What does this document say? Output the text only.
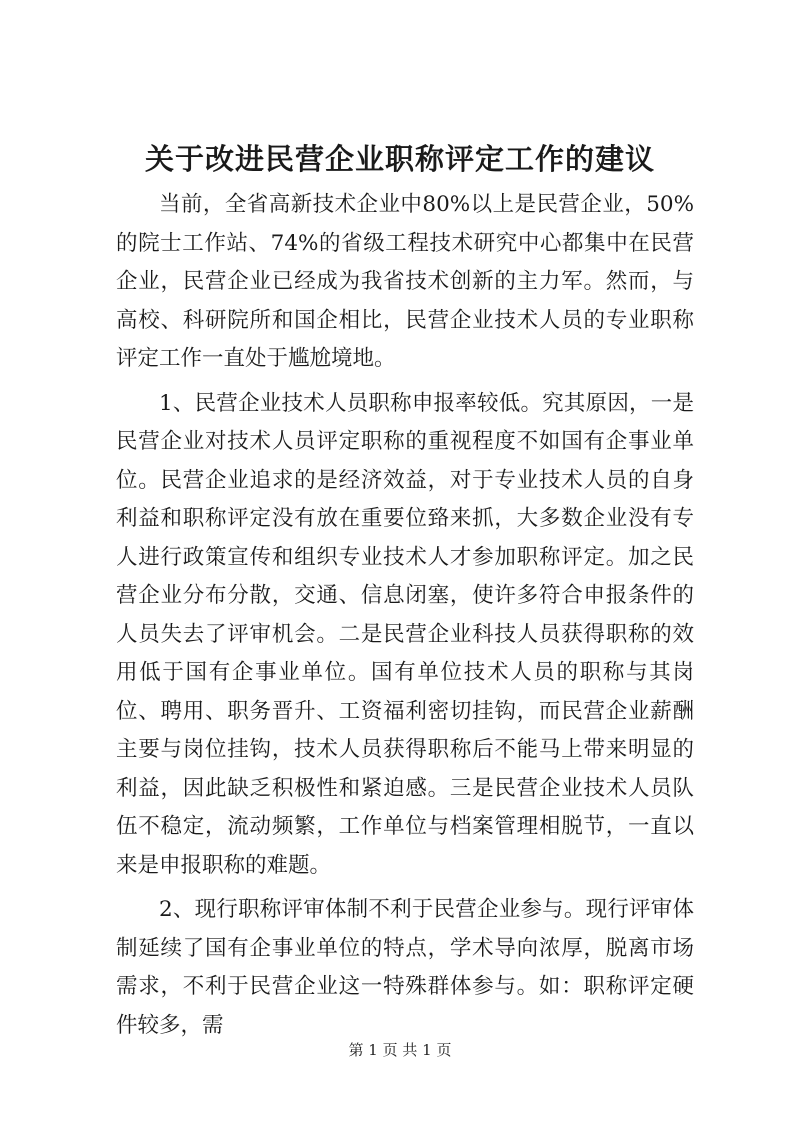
关于改进民营企业职称评定工作的建议

当前，全省高新技术企业中80%以上是民营企业，50%的院士工作站、74%的省级工程技术研究中心都集中在民营企业，民营企业已经成为我省技术创新的主力军。然而，与高校、科研院所和国企相比，民营企业技术人员的专业职称评定工作一直处于尴尬境地。

1、民营企业技术人员职称申报率较低。究其原因，一是民营企业对技术人员评定职称的重视程度不如国有企事业单位。民营企业追求的是经济效益，对于专业技术人员的自身利益和职称评定没有放在重要位臵来抓，大多数企业没有专人进行政策宣传和组织专业技术人才参加职称评定。加之民营企业分布分散，交通、信息闭塞，使许多符合申报条件的人员失去了评审机会。二是民营企业科技人员获得职称的效用低于国有企事业单位。国有单位技术人员的职称与其岗位、聘用、职务晋升、工资福利密切挂钩，而民营企业薪酬主要与岗位挂钩，技术人员获得职称后不能马上带来明显的利益，因此缺乏积极性和紧迫感。三是民营企业技术人员队伍不稳定，流动频繁，工作单位与档案管理相脱节，一直以来是申报职称的难题。

2、现行职称评审体制不利于民营企业参与。现行评审体制延续了国有企事业单位的特点，学术导向浓厚，脱离市场需求，不利于民营企业这一特殊群体参与。如：职称评定硬件较多，需

第 1 页 共 1 页
